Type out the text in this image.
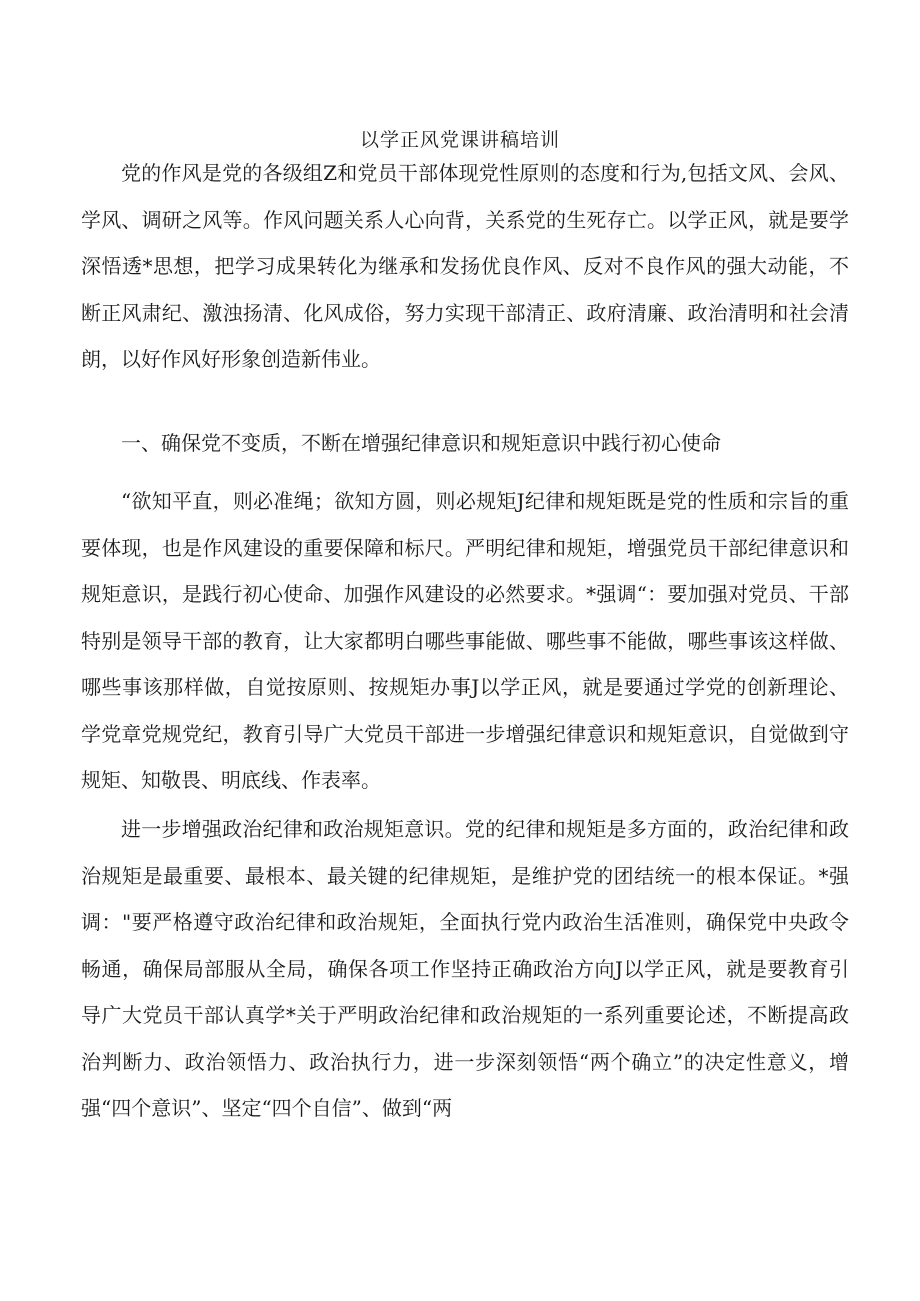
以学正风党课讲稿培训

党的作风是党的各级组Z和党员干部体现党性原则的态度和行为,包括文风、会风、学风、调研之风等。作风问题关系人心向背，关系党的生死存亡。以学正风，就是要学深悟透*思想，把学习成果转化为继承和发扬优良作风、反对不良作风的强大动能，不断正风肃纪、激浊扬清、化风成俗，努力实现干部清正、政府清廉、政治清明和社会清朗，以好作风好形象创造新伟业。

一、确保党不变质，不断在增强纪律意识和规矩意识中践行初心使命

“欲知平直，则必准绳；欲知方圆，则必规矩J纪律和规矩既是党的性质和宗旨的重要体现，也是作风建设的重要保障和标尺。严明纪律和规矩，增强党员干部纪律意识和规矩意识，是践行初心使命、加强作风建设的必然要求。*强调“：要加强对党员、干部特别是领导干部的教育，让大家都明白哪些事能做、哪些事不能做，哪些事该这样做、哪些事该那样做，自觉按原则、按规矩办事J以学正风，就是要通过学党的创新理论、学党章党规党纪，教育引导广大党员干部进一步增强纪律意识和规矩意识，自觉做到守规矩、知敬畏、明底线、作表率。

进一步增强政治纪律和政治规矩意识。党的纪律和规矩是多方面的，政治纪律和政治规矩是最重要、最根本、最关键的纪律规矩，是维护党的团结统一的根本保证。*强调："要严格遵守政治纪律和政治规矩，全面执行党内政治生活准则，确保党中央政令畅通，确保局部服从全局，确保各项工作坚持正确政治方向J以学正风，就是要教育引导广大党员干部认真学*关于严明政治纪律和政治规矩的一系列重要论述，不断提高政治判断力、政治领悟力、政治执行力，进一步深刻领悟“两个确立”的决定性意义，增强“四个意识”、坚定“四个自信”、做到“两
